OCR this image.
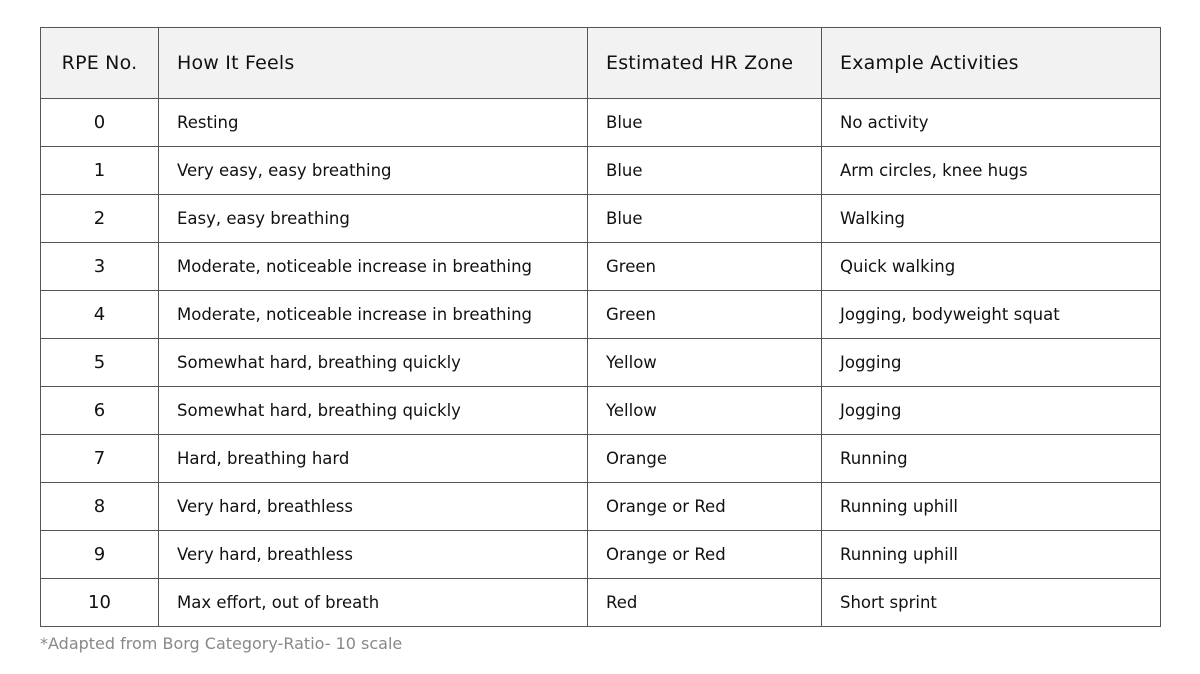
RPE No.	How It Feels	Estimated HR Zone	Example Activities
0	Resting	Blue	No activity
1	Very easy, easy breathing	Blue	Arm circles, knee hugs
2	Easy, easy breathing	Blue	Walking
3	Moderate, noticeable increase in breathing	Green	Quick walking
4	Moderate, noticeable increase in breathing	Green	Jogging, bodyweight squat
5	Somewhat hard, breathing quickly	Yellow	Jogging
6	Somewhat hard, breathing quickly	Yellow	Jogging
7	Hard, breathing hard	Orange	Running
8	Very hard, breathless	Orange or Red	Running uphill
9	Very hard, breathless	Orange or Red	Running uphill
10	Max effort, out of breath	Red	Short sprint
*Adapted from Borg Category-Ratio- 10 scale
